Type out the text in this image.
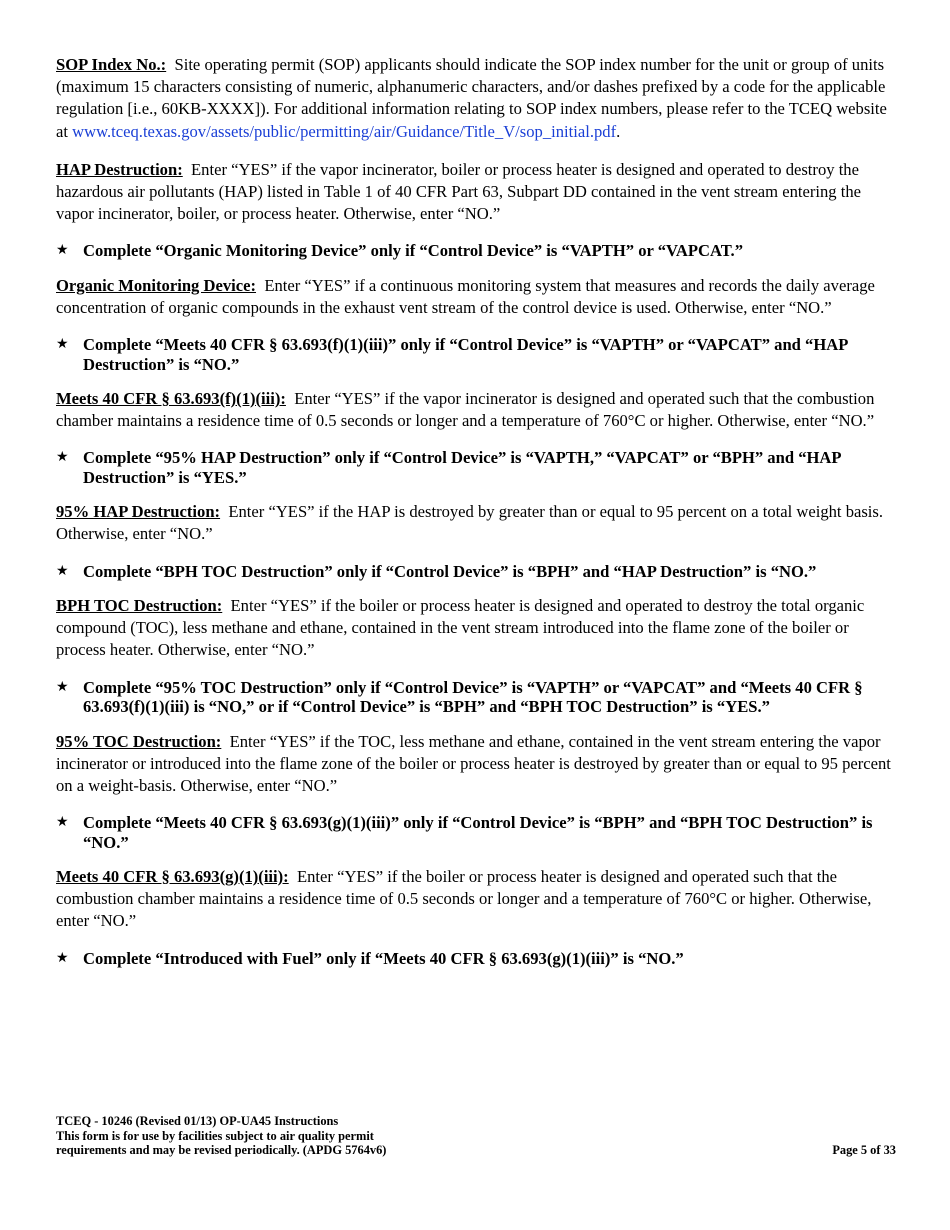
SOP Index No.: Site operating permit (SOP) applicants should indicate the SOP index number for the unit or group of units (maximum 15 characters consisting of numeric, alphanumeric characters, and/or dashes prefixed by a code for the applicable regulation [i.e., 60KB-XXXX]). For additional information relating to SOP index numbers, please refer to the TCEQ website at www.tceq.texas.gov/assets/public/permitting/air/Guidance/Title_V/sop_initial.pdf.

HAP Destruction: Enter “YES” if the vapor incinerator, boiler or process heater is designed and operated to destroy the hazardous air pollutants (HAP) listed in Table 1 of 40 CFR Part 63, Subpart DD contained in the vent stream entering the vapor incinerator, boiler, or process heater. Otherwise, enter “NO.”

★ Complete “Organic Monitoring Device” only if “Control Device” is “VAPTH” or “VAPCAT.”

Organic Monitoring Device: Enter “YES” if a continuous monitoring system that measures and records the daily average concentration of organic compounds in the exhaust vent stream of the control device is used. Otherwise, enter “NO.”

★ Complete “Meets 40 CFR § 63.693(f)(1)(iii)” only if “Control Device” is “VAPTH” or “VAPCAT” and “HAP Destruction” is “NO.”

Meets 40 CFR § 63.693(f)(1)(iii): Enter “YES” if the vapor incinerator is designed and operated such that the combustion chamber maintains a residence time of 0.5 seconds or longer and a temperature of 760°C or higher. Otherwise, enter “NO.”

★ Complete “95% HAP Destruction” only if “Control Device” is “VAPTH,” “VAPCAT” or “BPH” and “HAP Destruction” is “YES.”

95% HAP Destruction: Enter “YES” if the HAP is destroyed by greater than or equal to 95 percent on a total weight basis. Otherwise, enter “NO.”

★ Complete “BPH TOC Destruction” only if “Control Device” is “BPH” and “HAP Destruction” is “NO.”

BPH TOC Destruction: Enter “YES” if the boiler or process heater is designed and operated to destroy the total organic compound (TOC), less methane and ethane, contained in the vent stream introduced into the flame zone of the boiler or process heater. Otherwise, enter “NO.”

★ Complete “95% TOC Destruction” only if “Control Device” is “VAPTH” or “VAPCAT” and “Meets 40 CFR § 63.693(f)(1)(iii) is “NO,” or if “Control Device” is “BPH” and “BPH TOC Destruction” is “YES.”

95% TOC Destruction: Enter “YES” if the TOC, less methane and ethane, contained in the vent stream entering the vapor incinerator or introduced into the flame zone of the boiler or process heater is destroyed by greater than or equal to 95 percent on a weight-basis. Otherwise, enter “NO.”

★ Complete “Meets 40 CFR § 63.693(g)(1)(iii)” only if “Control Device” is “BPH” and “BPH TOC Destruction” is “NO.”

Meets 40 CFR § 63.693(g)(1)(iii): Enter “YES” if the boiler or process heater is designed and operated such that the combustion chamber maintains a residence time of 0.5 seconds or longer and a temperature of 760°C or higher. Otherwise, enter “NO.”

★ Complete “Introduced with Fuel” only if “Meets 40 CFR § 63.693(g)(1)(iii)” is “NO.”
TCEQ - 10246 (Revised 01/13) OP-UA45 Instructions
This form is for use by facilities subject to air quality permit
requirements and may be revised periodically. (APDG 5764v6)	Page 5 of 33
